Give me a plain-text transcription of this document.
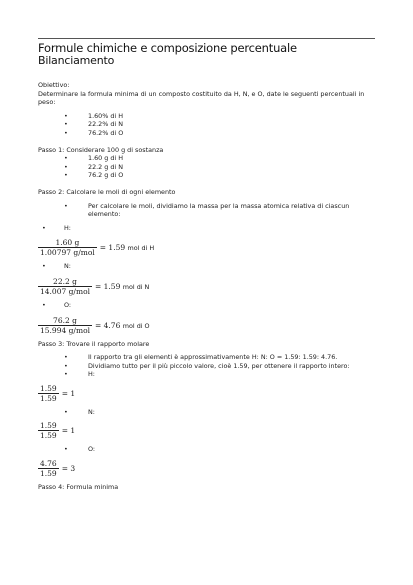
Formule chimiche e composizione percentuale
Bilanciamento
Obiettivo:
Determinare la formula minima di un composto costituito da H, N, e O, date le seguenti percentuali in peso:
• 1.60% di H
• 22.2% di N
• 76.2% di O
Passo 1: Considerare 100 g di sostanza
• 1.60 g di H
• 22.2 g di N
• 76.2 g di O
Passo 2: Calcolare le moli di ogni elemento
• Per calcolare le moli, dividiamo la massa per la massa atomica relativa di ciascun elemento:
• H:
$\frac{1.60 g}{\text{1.00797 g/mol}} = 1.59$ mol di H
• N:
$\frac{22.2 g}{\text{14.007 g/mol}} = 1.59$ mol di N
• O:
$\frac{76.2 g}{\text{15.994 g/mol}} = 4.76$ mol di O
Passo 3: Trovare il rapporto molare
• Il rapporto tra gli elementi è approssimativamente H: N: O = 1.59: 1.59: 4.76.
• Dividiamo tutto per il più piccolo valore, cioè 1.59, per ottenere il rapporto intero:
• H:
$\frac{1.59}{1.59} = 1$
• N:
$\frac{1.59}{1.59} = 1$
• O:
$\frac{4.76}{1.59} = 3$
Passo 4: Formula minima
